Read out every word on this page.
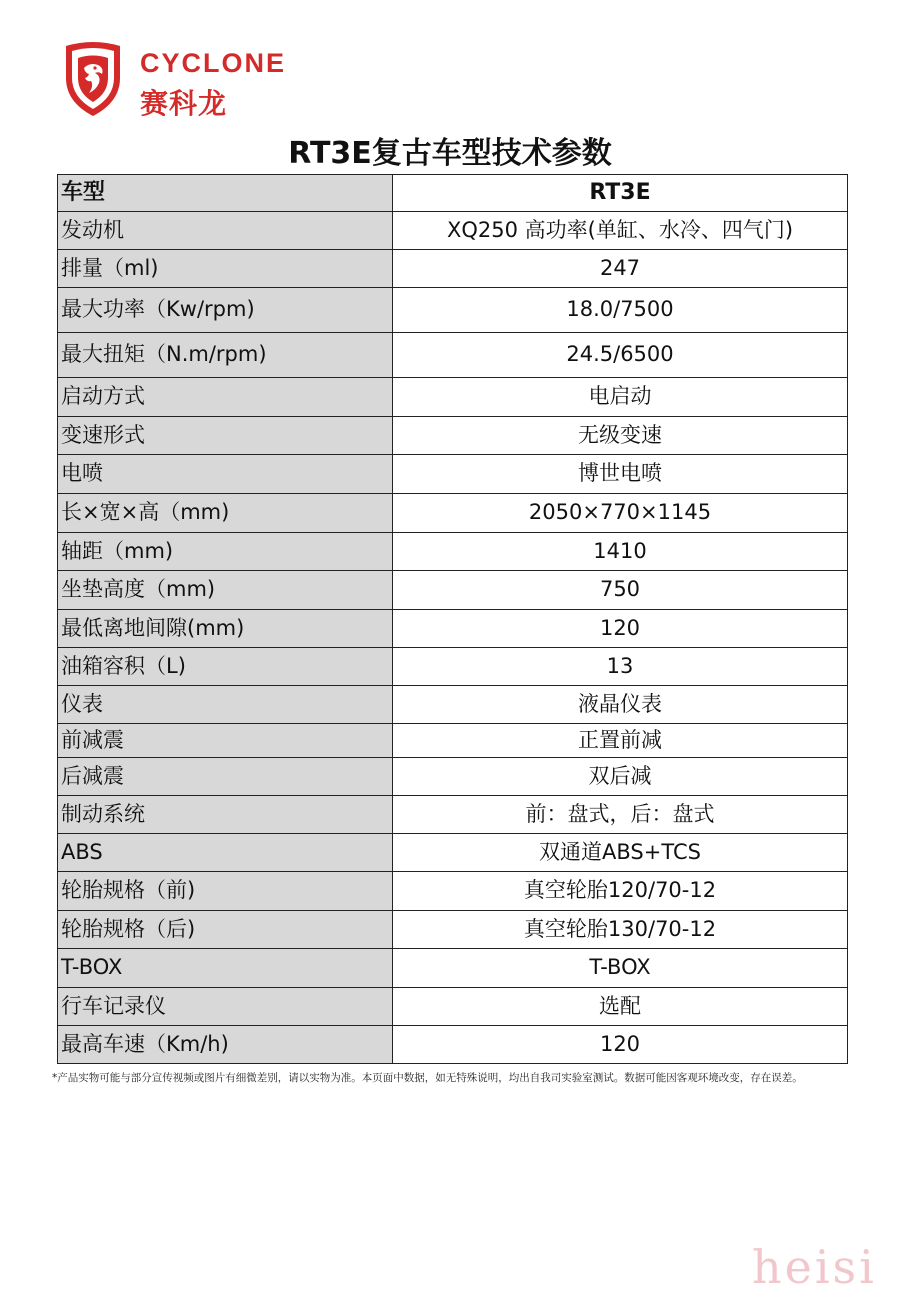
CYCLONE
赛科龙
RT3E复古车型技术参数
车型	RT3E
发动机	XQ250 高功率(单缸、水冷、四气门)
排量（ml)	247
最大功率（Kw/rpm)	18.0/7500
最大扭矩（N.m/rpm)	24.5/6500
启动方式	电启动
变速形式	无级变速
电喷	博世电喷
长×宽×高（mm)	2050×770×1145
轴距（mm)	1410
坐垫高度（mm)	750
最低离地间隙(mm)	120
油箱容积（L)	13
仪表	液晶仪表
前减震	正置前减
后减震	双后减
制动系统	前：盘式，后：盘式
ABS	双通道ABS+TCS
轮胎规格（前)	真空轮胎120/70-12
轮胎规格（后)	真空轮胎130/70-12
T-BOX	T-BOX
行车记录仪	选配
最高车速（Km/h)	120
*产品实物可能与部分宣传视频或图片有细微差别，请以实物为准。本页面中数据，如无特殊说明，均出自我司实验室测试。数据可能因客观环境改变，存在误差。
heisi
